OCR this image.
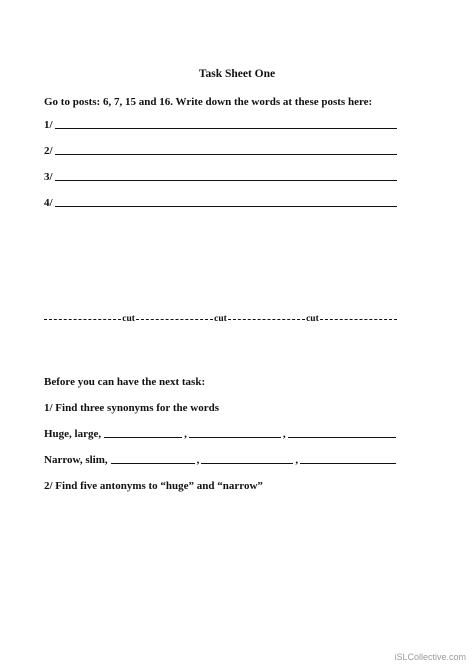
Task Sheet One
Go to posts: 6, 7, 15 and 16. Write down the words at these posts here:
1/
2/
3/
4/
cut	cut	cut
Before you can have the next task:
1/ Find three synonyms for the words
Huge, large,	,	,
Narrow, slim,	,	,
2/ Find five antonyms to “huge” and “narrow”
iSLCollective.com
